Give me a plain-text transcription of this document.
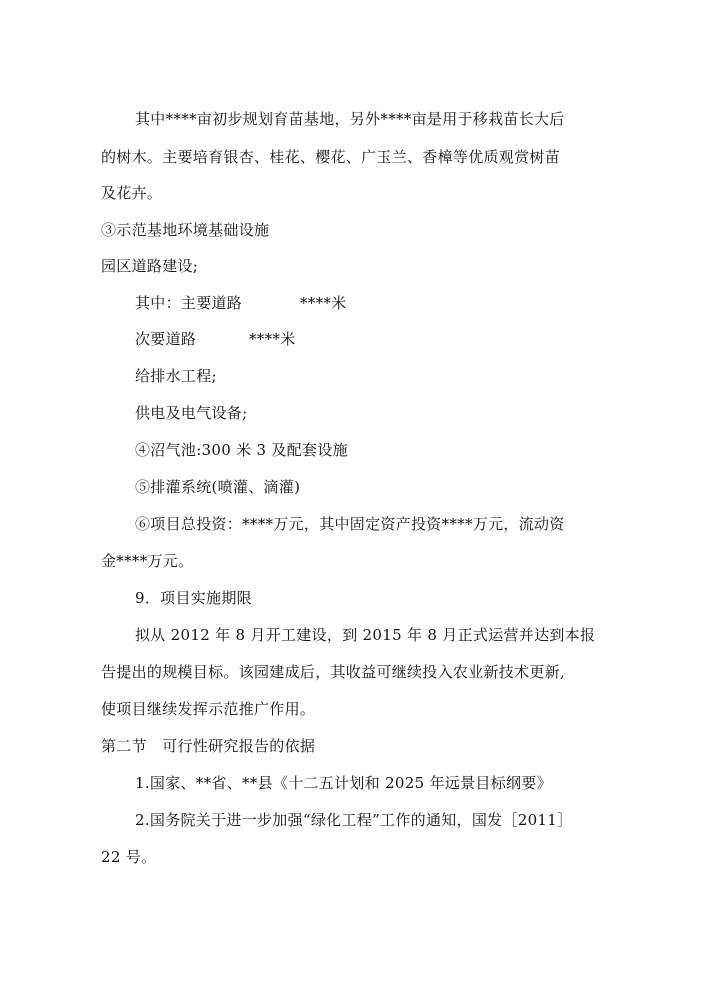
其中****亩初步规划育苗基地，另外****亩是用于移栽苗长大后
的树木。主要培育银杏、桂花、樱花、广玉兰、香樟等优质观赏树苗
及花卉。
③示范基地环境基础设施
园区道路建设;
其中：主要道路	****米
次要道路	****米
给排水工程;
供电及电气设备;
④沼气池:300 米 3 及配套设施
⑤排灌系统(喷灌、滴灌)
⑥项目总投资：****万元，其中固定资产投资****万元，流动资
金****万元。
9．项目实施期限
拟从 2012 年 8 月开工建设，到 2015 年 8 月正式运营并达到本报
告提出的规模目标。该园建成后，其收益可继续投入农业新技术更新,
使项目继续发挥示范推广作用。
第二节　可行性研究报告的依据
1.国家、**省、**县《十二五计划和 2025 年远景目标纲要》
2.国务院关于进一步加强“绿化工程”工作的通知，国发［2011］
22 号。
